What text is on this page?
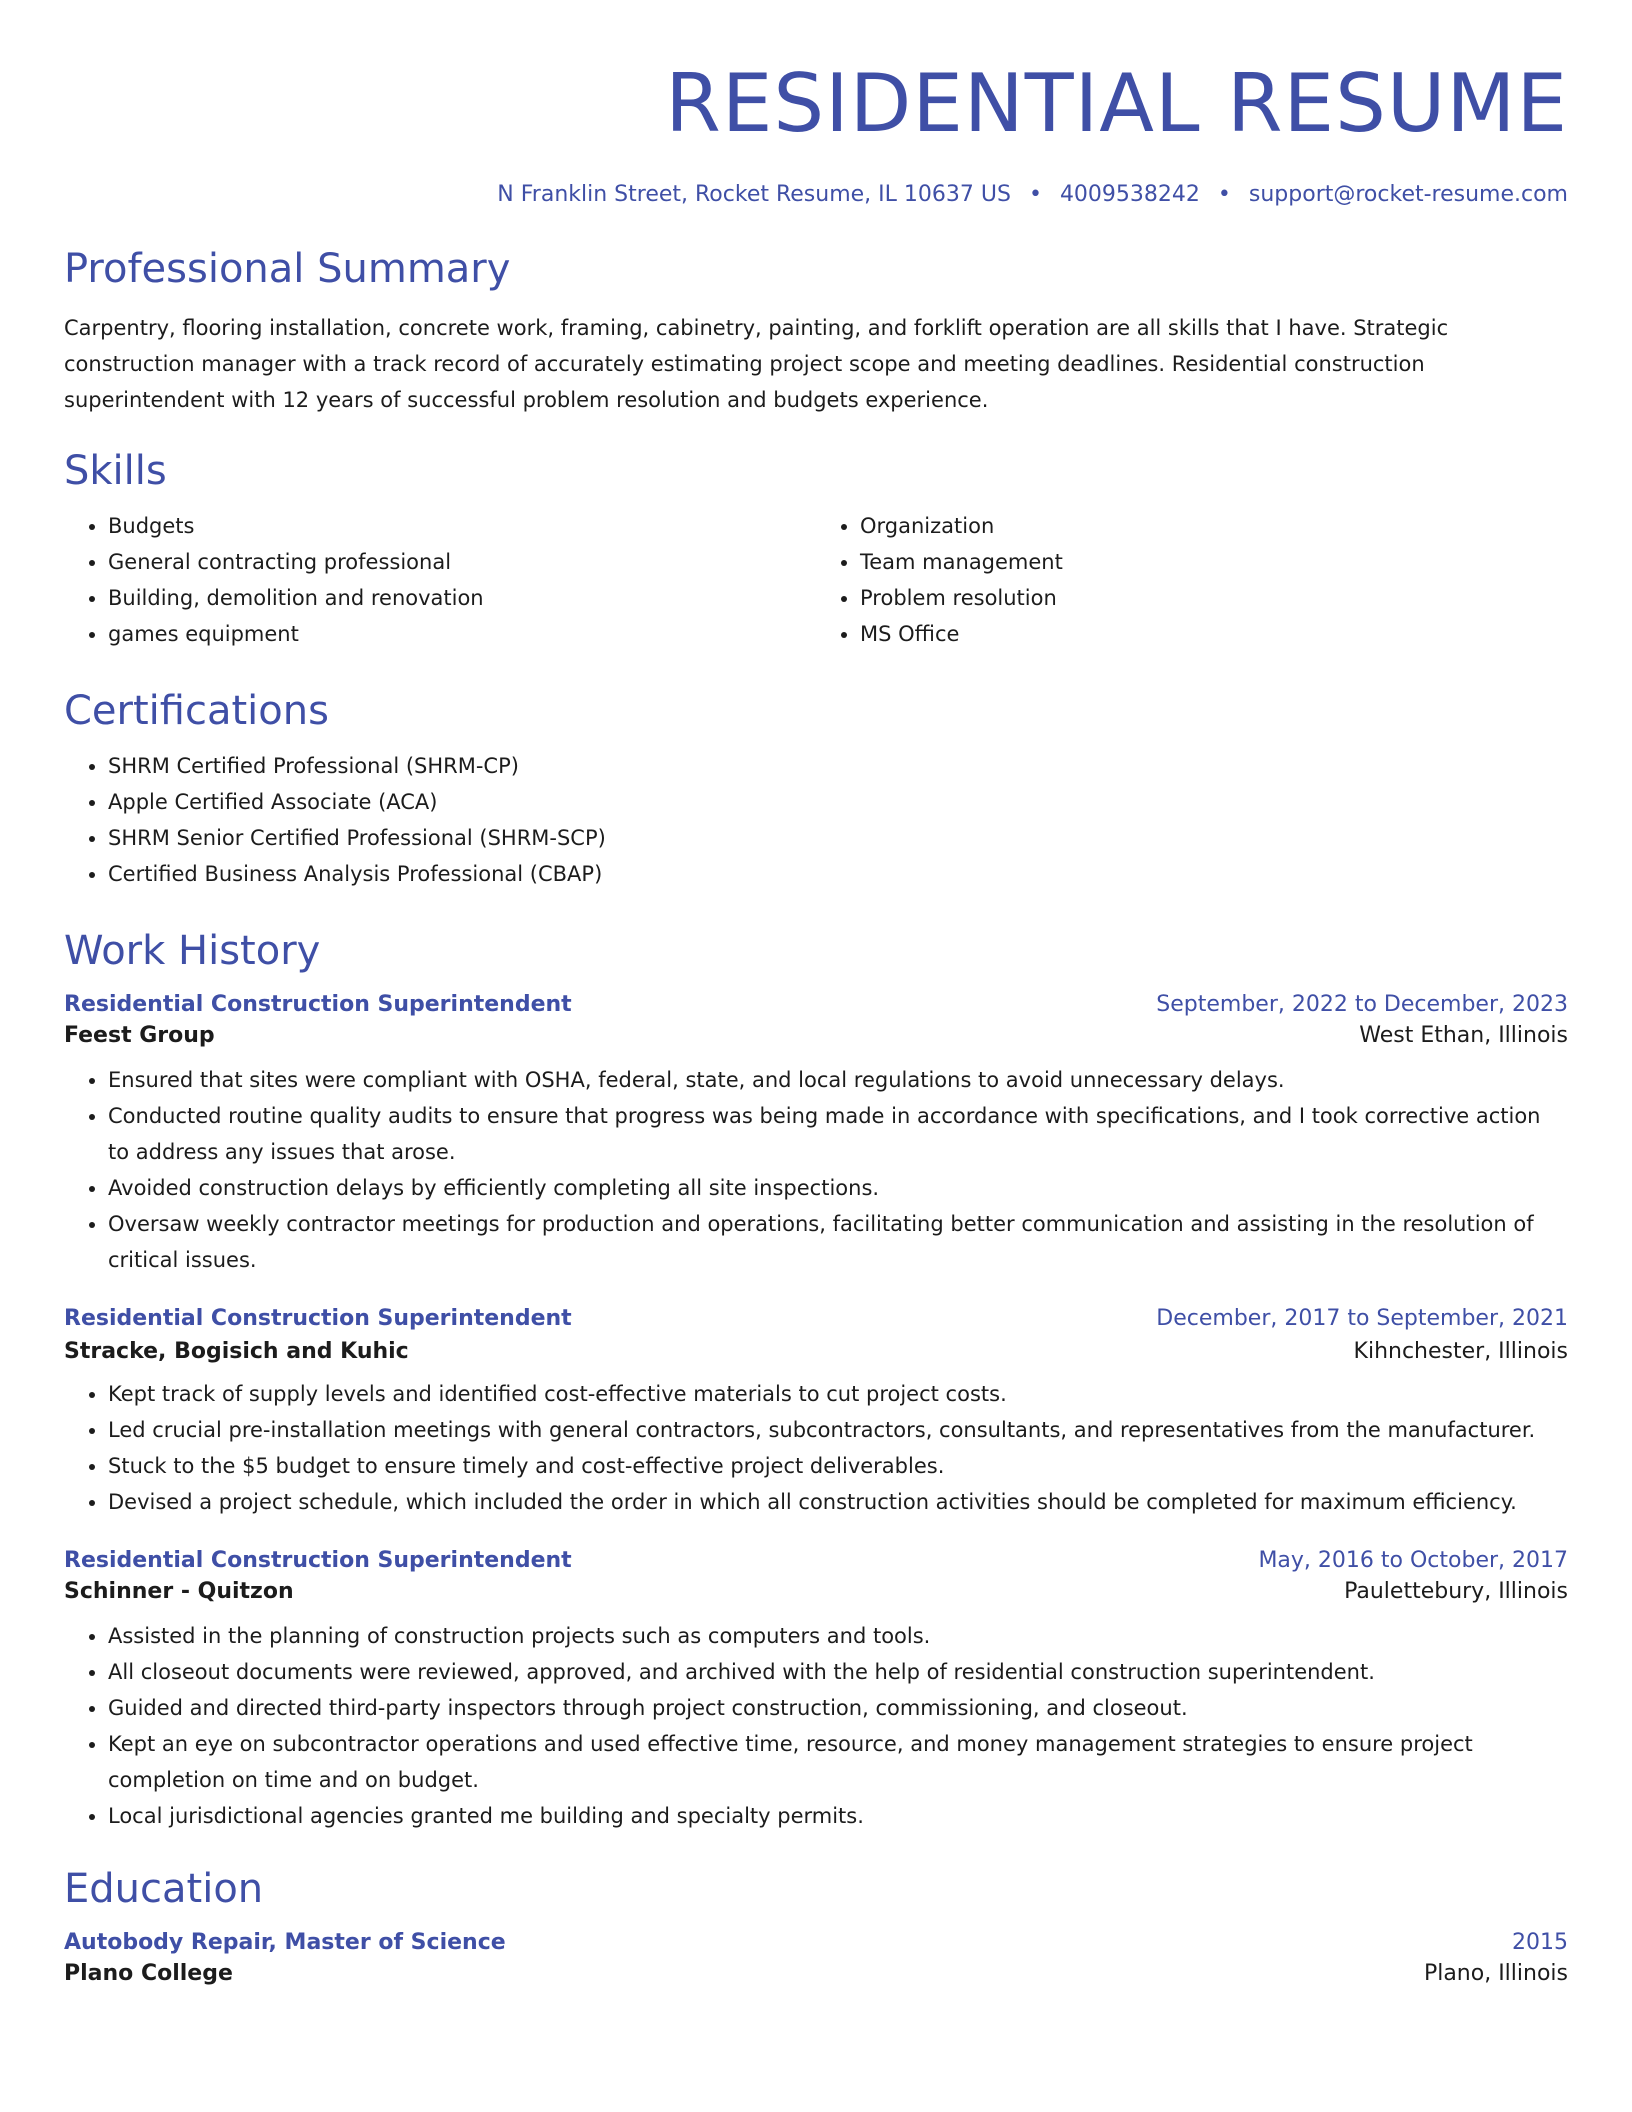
RESIDENTIAL RESUME
N Franklin Street, Rocket Resume, IL 10637 US • 4009538242 • support@rocket-resume.com
Professional Summary

Carpentry, flooring installation, concrete work, framing, cabinetry, painting, and forklift operation are all skills that I have. Strategic construction manager with a track record of accurately estimating project scope and meeting deadlines. Residential construction superintendent with 12 years of successful problem resolution and budgets experience.

Skills
• Budgets
• General contracting professional
• Building, demolition and renovation
• games equipment
• Organization
• Team management
• Problem resolution
• MS Office
Certifications
• SHRM Certified Professional (SHRM-CP)
• Apple Certified Associate (ACA)
• SHRM Senior Certified Professional (SHRM-SCP)
• Certified Business Analysis Professional (CBAP)
Work History
Residential Construction Superintendent	September, 2022 to December, 2023
Feest Group	West Ethan, Illinois
• Ensured that sites were compliant with OSHA, federal, state, and local regulations to avoid unnecessary delays.
• Conducted routine quality audits to ensure that progress was being made in accordance with specifications, and I took corrective action to address any issues that arose.
• Avoided construction delays by efficiently completing all site inspections.
• Oversaw weekly contractor meetings for production and operations, facilitating better communication and assisting in the resolution of critical issues.
Residential Construction Superintendent	December, 2017 to September, 2021
Stracke, Bogisich and Kuhic	Kihnchester, Illinois
• Kept track of supply levels and identified cost-effective materials to cut project costs.
• Led crucial pre-installation meetings with general contractors, subcontractors, consultants, and representatives from the manufacturer.
• Stuck to the $5 budget to ensure timely and cost-effective project deliverables.
• Devised a project schedule, which included the order in which all construction activities should be completed for maximum efficiency.
Residential Construction Superintendent	May, 2016 to October, 2017
Schinner - Quitzon	Paulettebury, Illinois
• Assisted in the planning of construction projects such as computers and tools.
• All closeout documents were reviewed, approved, and archived with the help of residential construction superintendent.
• Guided and directed third-party inspectors through project construction, commissioning, and closeout.
• Kept an eye on subcontractor operations and used effective time, resource, and money management strategies to ensure project completion on time and on budget.
• Local jurisdictional agencies granted me building and specialty permits.
Education
Autobody Repair, Master of Science	2015
Plano College	Plano, Illinois
